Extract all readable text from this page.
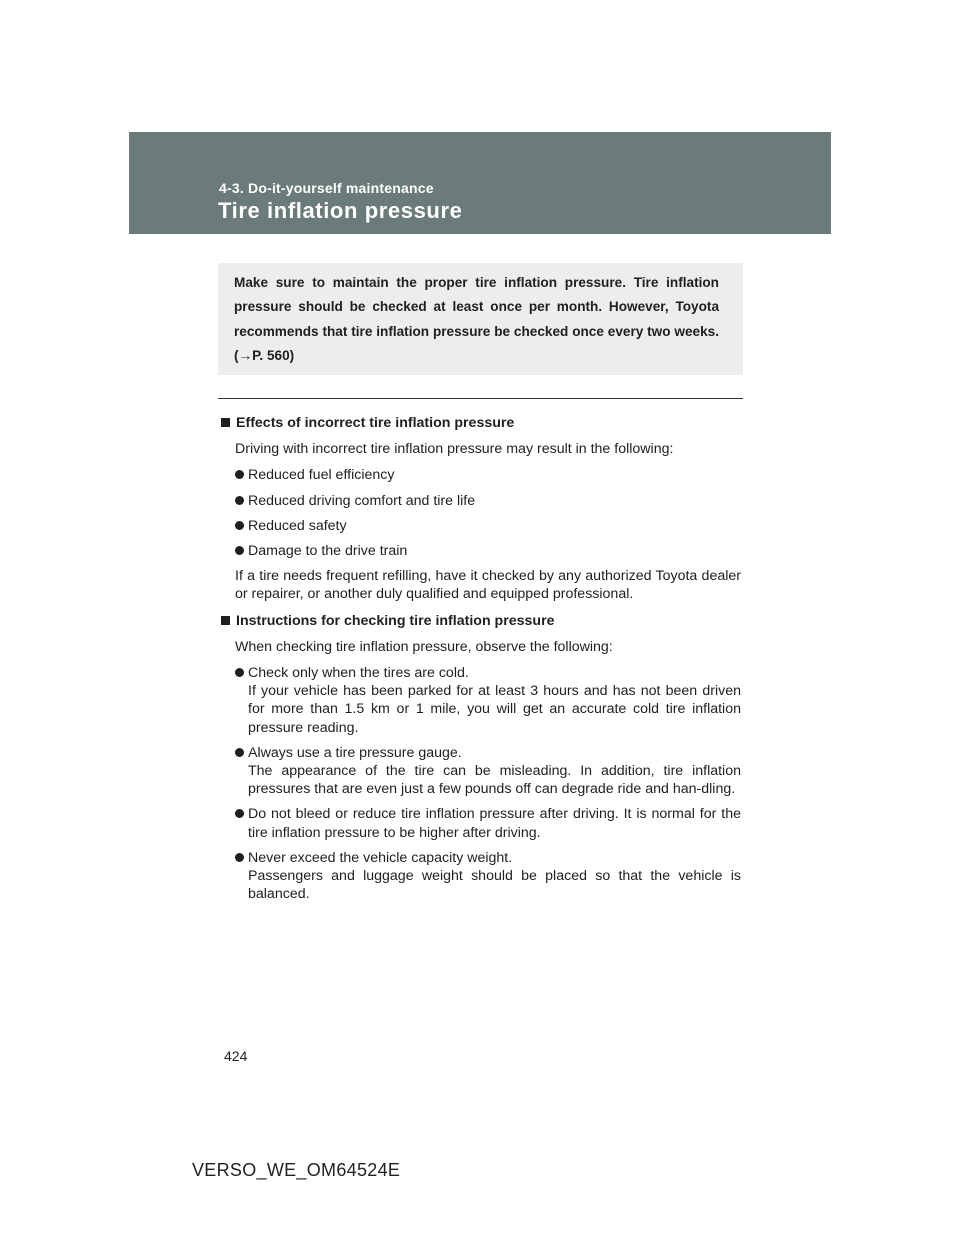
4-3. Do-it-yourself maintenance
Tire inflation pressure
Make sure to maintain the proper tire inflation pressure. Tire inflation pressure should be checked at least once per month. However, Toyota recommends that tire inflation pressure be checked once every two weeks. (→P. 560)
Effects of incorrect tire inflation pressure
Driving with incorrect tire inflation pressure may result in the following:
Reduced fuel efficiency
Reduced driving comfort and tire life
Reduced safety
Damage to the drive train
If a tire needs frequent refilling, have it checked by any authorized Toyota dealer or repairer, or another duly qualified and equipped professional.
Instructions for checking tire inflation pressure
When checking tire inflation pressure, observe the following:
Check only when the tires are cold.
If your vehicle has been parked for at least 3 hours and has not been driven for more than 1.5 km or 1 mile, you will get an accurate cold tire inflation pressure reading.
Always use a tire pressure gauge.
The appearance of the tire can be misleading. In addition, tire inflation pressures that are even just a few pounds off can degrade ride and han-dling.
Do not bleed or reduce tire inflation pressure after driving. It is normal for the tire inflation pressure to be higher after driving.
Never exceed the vehicle capacity weight.
Passengers and luggage weight should be placed so that the vehicle is balanced.
424
VERSO_WE_OM64524E
